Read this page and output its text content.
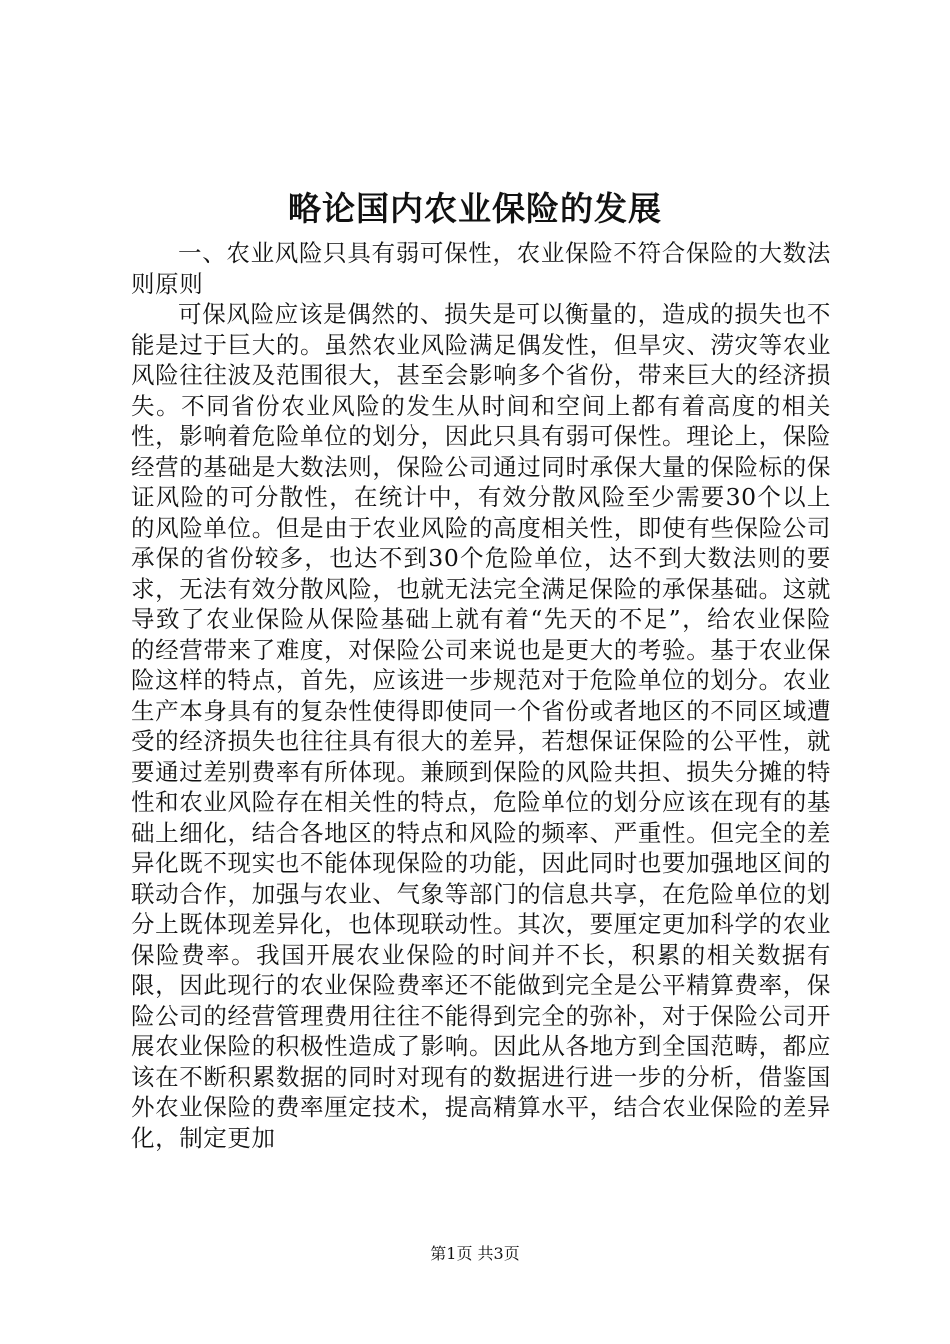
略论国内农业保险的发展

一、农业风险只具有弱可保性，农业保险不符合保险的大数法则原则

可保风险应该是偶然的、损失是可以衡量的，造成的损失也不能是过于巨大的。虽然农业风险满足偶发性，但旱灾、涝灾等农业风险往往波及范围很大，甚至会影响多个省份，带来巨大的经济损失。不同省份农业风险的发生从时间和空间上都有着高度的相关性，影响着危险单位的划分，因此只具有弱可保性。理论上，保险经营的基础是大数法则，保险公司通过同时承保大量的保险标的保证风险的可分散性，在统计中，有效分散风险至少需要30个以上的风险单位。但是由于农业风险的高度相关性，即使有些保险公司承保的省份较多，也达不到30个危险单位，达不到大数法则的要求，无法有效分散风险，也就无法完全满足保险的承保基础。这就导致了农业保险从保险基础上就有着“先天的不足”，给农业保险的经营带来了难度，对保险公司来说也是更大的考验。基于农业保险这样的特点，首先，应该进一步规范对于危险单位的划分。农业生产本身具有的复杂性使得即使同一个省份或者地区的不同区域遭受的经济损失也往往具有很大的差异，若想保证保险的公平性，就要通过差别费率有所体现。兼顾到保险的风险共担、损失分摊的特性和农业风险存在相关性的特点，危险单位的划分应该在现有的基础上细化，结合各地区的特点和风险的频率、严重性。但完全的差异化既不现实也不能体现保险的功能，因此同时也要加强地区间的联动合作，加强与农业、气象等部门的信息共享，在危险单位的划分上既体现差异化，也体现联动性。其次，要厘定更加科学的农业保险费率。我国开展农业保险的时间并不长，积累的相关数据有限，因此现行的农业保险费率还不能做到完全是公平精算费率，保险公司的经营管理费用往往不能得到完全的弥补，对于保险公司开展农业保险的积极性造成了影响。因此从各地方到全国范畴，都应该在不断积累数据的同时对现有的数据进行进一步的分析，借鉴国外农业保险的费率厘定技术，提高精算水平，结合农业保险的差异化，制定更加

第1页 共3页
